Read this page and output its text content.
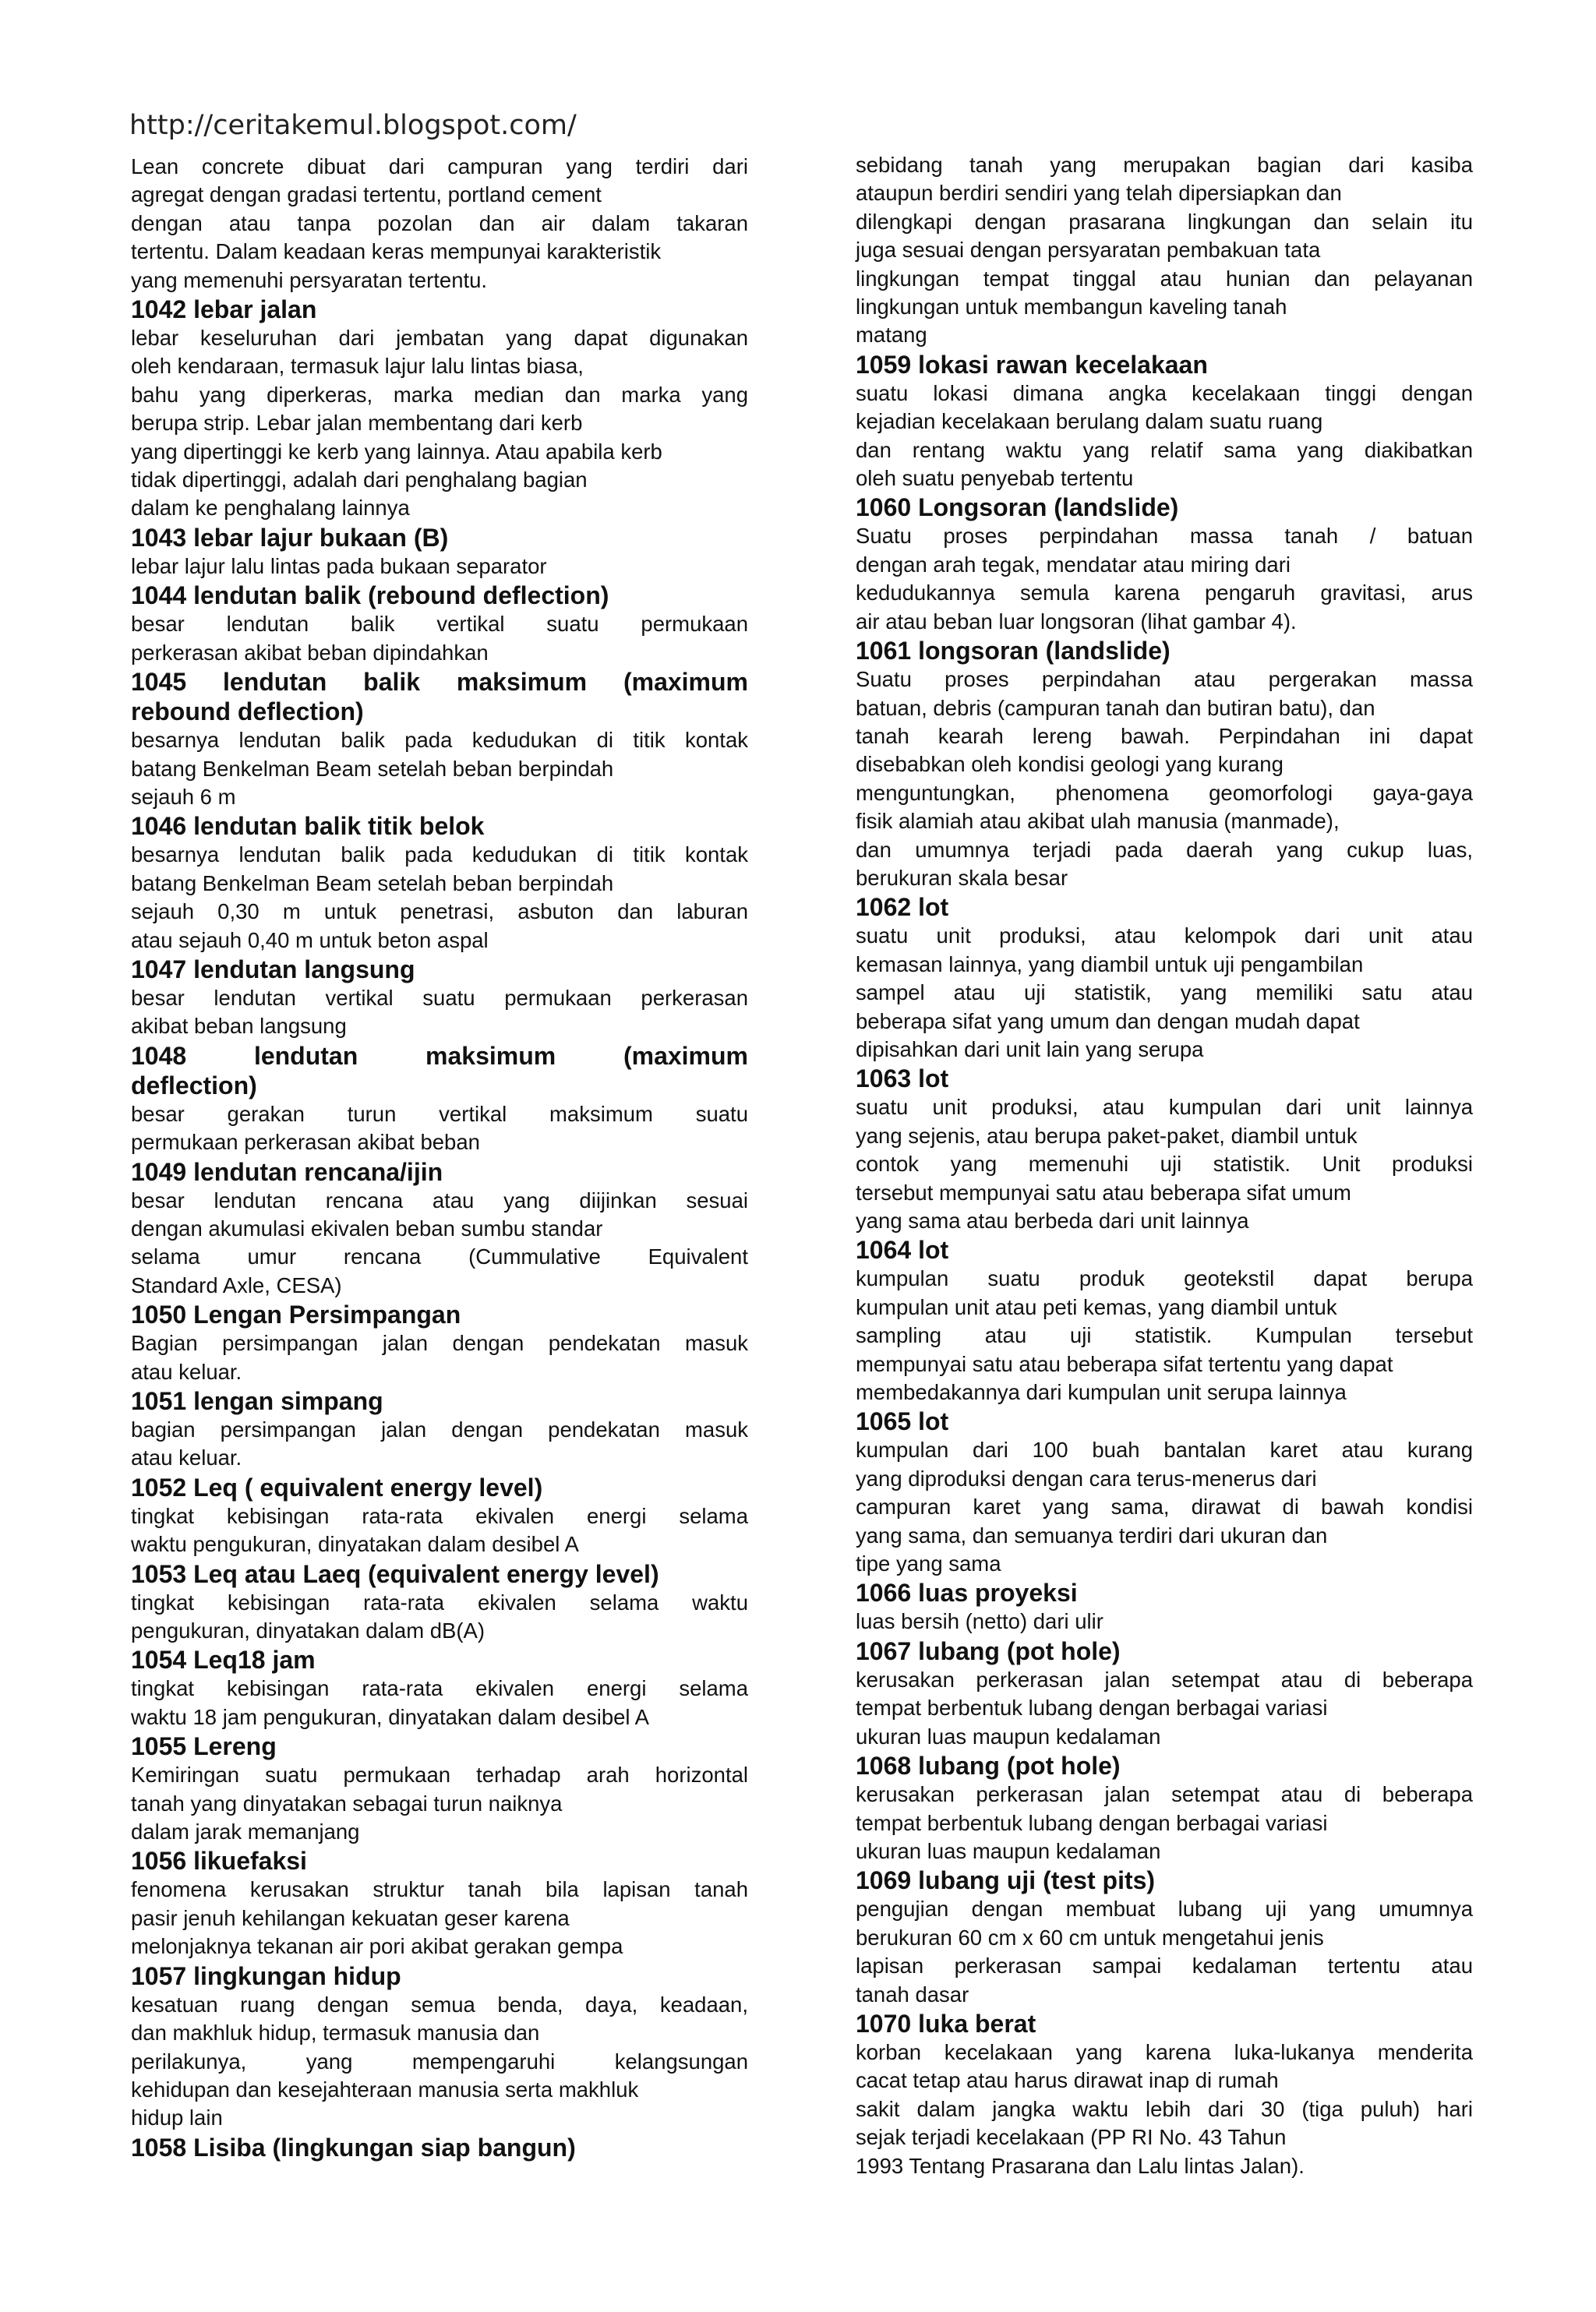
http://ceritakemul.blogspot.com/
Lean concrete dibuat dari campuran yang terdiri dari
agregat dengan gradasi tertentu, portland cement
dengan atau tanpa pozolan dan air dalam takaran
tertentu. Dalam keadaan keras mempunyai karakteristik
yang memenuhi persyaratan tertentu.
1042 lebar jalan
lebar keseluruhan dari jembatan yang dapat digunakan
oleh kendaraan, termasuk lajur lalu lintas biasa,
bahu yang diperkeras, marka median dan marka yang
berupa strip. Lebar jalan membentang dari kerb
yang dipertinggi ke kerb yang lainnya. Atau apabila kerb
tidak dipertinggi, adalah dari penghalang bagian
dalam ke penghalang lainnya
1043 lebar lajur bukaan (B)
lebar lajur lalu lintas pada bukaan separator
1044 lendutan balik (rebound deflection)
besar lendutan balik vertikal suatu permukaan
perkerasan akibat beban dipindahkan
1045 lendutan balik maksimum (maximum
rebound deflection)
besarnya lendutan balik pada kedudukan di titik kontak
batang Benkelman Beam setelah beban berpindah
sejauh 6 m
1046 lendutan balik titik belok
besarnya lendutan balik pada kedudukan di titik kontak
batang Benkelman Beam setelah beban berpindah
sejauh 0,30 m untuk penetrasi, asbuton dan laburan
atau sejauh 0,40 m untuk beton aspal
1047 lendutan langsung
besar lendutan vertikal suatu permukaan perkerasan
akibat beban langsung
1048 lendutan maksimum (maximum
deflection)
besar gerakan turun vertikal maksimum suatu
permukaan perkerasan akibat beban
1049 lendutan rencana/ijin
besar lendutan rencana atau yang diijinkan sesuai
dengan akumulasi ekivalen beban sumbu standar
selama umur rencana (Cummulative Equivalent
Standard Axle, CESA)
1050 Lengan Persimpangan
Bagian persimpangan jalan dengan pendekatan masuk
atau keluar.
1051 lengan simpang
bagian persimpangan jalan dengan pendekatan masuk
atau keluar.
1052 Leq ( equivalent energy level)
tingkat kebisingan rata-rata ekivalen energi selama
waktu pengukuran, dinyatakan dalam desibel A
1053 Leq atau Laeq (equivalent energy level)
tingkat kebisingan rata-rata ekivalen selama waktu
pengukuran, dinyatakan dalam dB(A)
1054 Leq18 jam
tingkat kebisingan rata-rata ekivalen energi selama
waktu 18 jam pengukuran, dinyatakan dalam desibel A
1055 Lereng
Kemiringan suatu permukaan terhadap arah horizontal
tanah yang dinyatakan sebagai turun naiknya
dalam jarak memanjang
1056 likuefaksi
fenomena kerusakan struktur tanah bila lapisan tanah
pasir jenuh kehilangan kekuatan geser karena
melonjaknya tekanan air pori akibat gerakan gempa
1057 lingkungan hidup
kesatuan ruang dengan semua benda, daya, keadaan,
dan makhluk hidup, termasuk manusia dan
perilakunya, yang mempengaruhi kelangsungan
kehidupan dan kesejahteraan manusia serta makhluk
hidup lain
1058 Lisiba (lingkungan siap bangun)
sebidang tanah yang merupakan bagian dari kasiba
ataupun berdiri sendiri yang telah dipersiapkan dan
dilengkapi dengan prasarana lingkungan dan selain itu
juga sesuai dengan persyaratan pembakuan tata
lingkungan tempat tinggal atau hunian dan pelayanan
lingkungan untuk membangun kaveling tanah
matang
1059 lokasi rawan kecelakaan
suatu lokasi dimana angka kecelakaan tinggi dengan
kejadian kecelakaan berulang dalam suatu ruang
dan rentang waktu yang relatif sama yang diakibatkan
oleh suatu penyebab tertentu
1060 Longsoran (landslide)
Suatu proses perpindahan massa tanah / batuan
dengan arah tegak, mendatar atau miring dari
kedudukannya semula karena pengaruh gravitasi, arus
air atau beban luar longsoran (lihat gambar 4).
1061 longsoran (landslide)
Suatu proses perpindahan atau pergerakan massa
batuan, debris (campuran tanah dan butiran batu), dan
tanah kearah lereng bawah. Perpindahan ini dapat
disebabkan oleh kondisi geologi yang kurang
menguntungkan, phenomena geomorfologi gaya-gaya
fisik alamiah atau akibat ulah manusia (manmade),
dan umumnya terjadi pada daerah yang cukup luas,
berukuran skala besar
1062 lot
suatu unit produksi, atau kelompok dari unit atau
kemasan lainnya, yang diambil untuk uji pengambilan
sampel atau uji statistik, yang memiliki satu atau
beberapa sifat yang umum dan dengan mudah dapat
dipisahkan dari unit lain yang serupa
1063 lot
suatu unit produksi, atau kumpulan dari unit lainnya
yang sejenis, atau berupa paket-paket, diambil untuk
contok yang memenuhi uji statistik. Unit produksi
tersebut mempunyai satu atau beberapa sifat umum
yang sama atau berbeda dari unit lainnya
1064 lot
kumpulan suatu produk geotekstil dapat berupa
kumpulan unit atau peti kemas, yang diambil untuk
sampling atau uji statistik. Kumpulan tersebut
mempunyai satu atau beberapa sifat tertentu yang dapat
membedakannya dari kumpulan unit serupa lainnya
1065 lot
kumpulan dari 100 buah bantalan karet atau kurang
yang diproduksi dengan cara terus-menerus dari
campuran karet yang sama, dirawat di bawah kondisi
yang sama, dan semuanya terdiri dari ukuran dan
tipe yang sama
1066 luas proyeksi
luas bersih (netto) dari ulir
1067 lubang (pot hole)
kerusakan perkerasan jalan setempat atau di beberapa
tempat berbentuk lubang dengan berbagai variasi
ukuran luas maupun kedalaman
1068 lubang (pot hole)
kerusakan perkerasan jalan setempat atau di beberapa
tempat berbentuk lubang dengan berbagai variasi
ukuran luas maupun kedalaman
1069 lubang uji (test pits)
pengujian dengan membuat lubang uji yang umumnya
berukuran 60 cm x 60 cm untuk mengetahui jenis
lapisan perkerasan sampai kedalaman tertentu atau
tanah dasar
1070 luka berat
korban kecelakaan yang karena luka-lukanya menderita
cacat tetap atau harus dirawat inap di rumah
sakit dalam jangka waktu lebih dari 30 (tiga puluh) hari
sejak terjadi kecelakaan (PP RI No. 43 Tahun
1993 Tentang Prasarana dan Lalu lintas Jalan).
